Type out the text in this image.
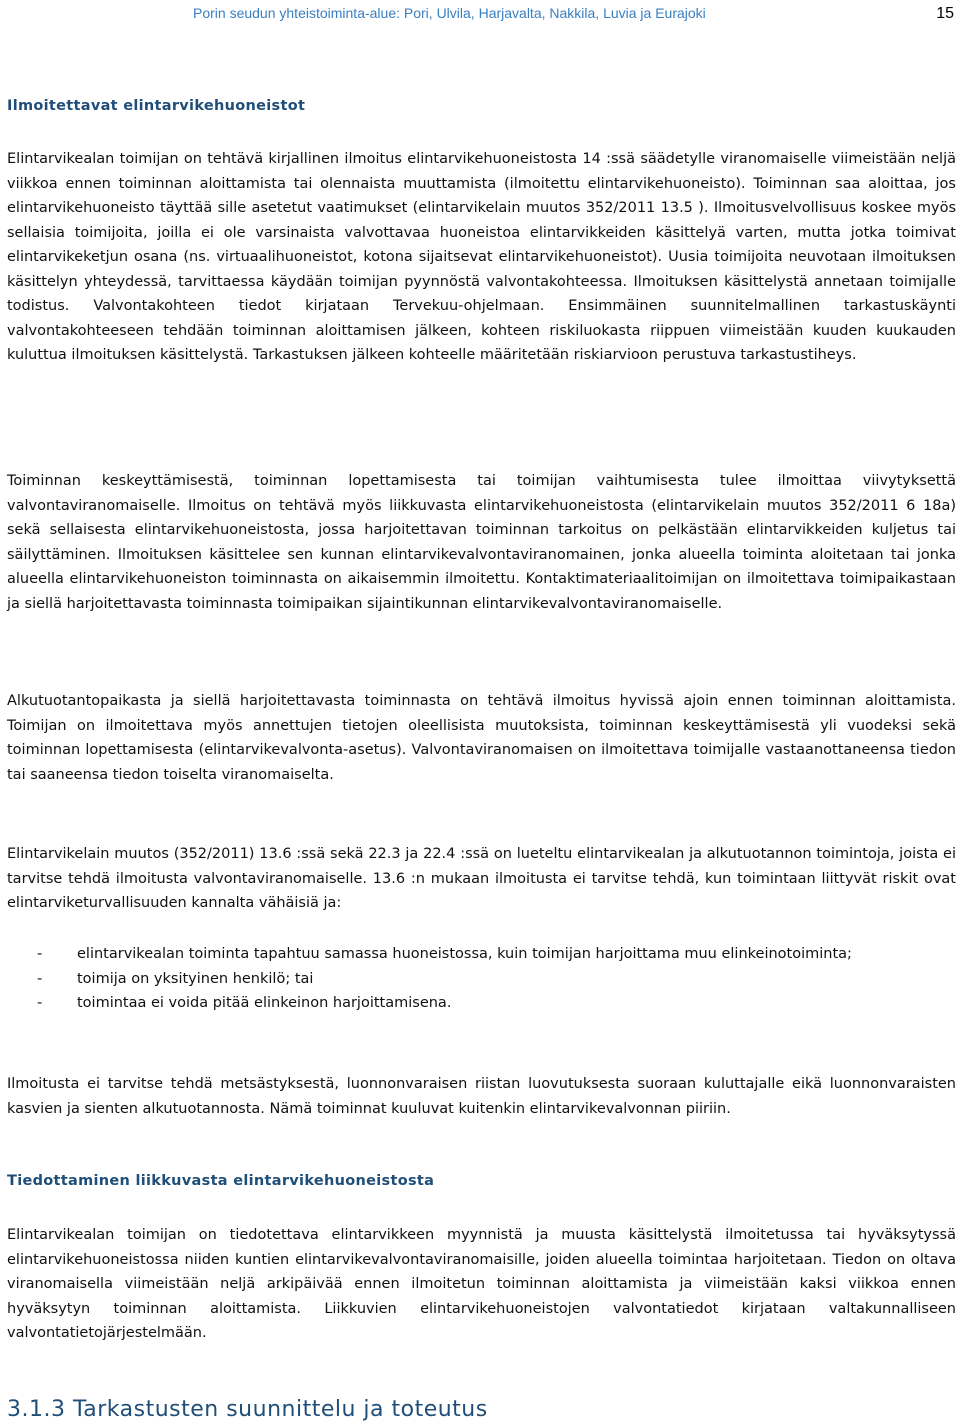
Porin seudun yhteistoiminta-alue: Pori, Ulvila, Harjavalta, Nakkila, Luvia ja Eurajoki	15
Ilmoitettavat elintarvikehuoneistot

Elintarvikealan toimijan on tehtävä kirjallinen ilmoitus elintarvikehuoneistosta 14 :ssä säädetylle viranomaiselle viimeistään neljä viikkoa ennen toiminnan aloittamista tai olennaista muuttamista (ilmoitettu elintarvikehuoneisto). Toiminnan saa aloittaa, jos elintarvikehuoneisto täyttää sille asetetut vaatimukset (elintarvikelain muutos 352/2011 13.5 ). Ilmoitusvelvollisuus koskee myös sellaisia toimijoita, joilla ei ole varsinaista valvottavaa huoneistoa elintarvikkeiden käsittelyä varten, mutta jotka toimivat elintarvikeketjun osana (ns. virtuaalihuoneistot, kotona sijaitsevat elintarvikehuoneistot). Uusia toimijoita neuvotaan ilmoituksen käsittelyn yhteydessä, tarvittaessa käydään toimijan pyynnöstä valvontakohteessa. Ilmoituksen käsittelystä annetaan toimijalle todistus. Valvontakohteen tiedot kirjataan Tervekuu-ohjelmaan. Ensimmäinen suunnitelmallinen tarkastuskäynti valvontakohteeseen tehdään toiminnan aloittamisen jälkeen, kohteen riskiluokasta riippuen viimeistään kuuden kuukauden kuluttua ilmoituksen käsittelystä. Tarkastuksen jälkeen kohteelle määritetään riskiarvioon perustuva tarkastustiheys.

Toiminnan keskeyttämisestä, toiminnan lopettamisesta tai toimijan vaihtumisesta tulee ilmoittaa viivytyksettä valvontaviranomaiselle. Ilmoitus on tehtävä myös liikkuvasta elintarvikehuoneistosta (elintarvikelain muutos 352/2011 6 18a) sekä sellaisesta elintarvikehuoneistosta, jossa harjoitettavan toiminnan tarkoitus on pelkästään elintarvikkeiden kuljetus tai säilyttäminen. Ilmoituksen käsittelee sen kunnan elintarvikevalvontaviranomainen, jonka alueella toiminta aloitetaan tai jonka alueella elintarvikehuoneiston toiminnasta on aikaisemmin ilmoitettu. Kontaktimateriaalitoimijan on ilmoitettava toimipaikastaan ja siellä harjoitettavasta toiminnasta toimipaikan sijaintikunnan elintarvikevalvontaviranomaiselle.

Alkutuotantopaikasta ja siellä harjoitettavasta toiminnasta on tehtävä ilmoitus hyvissä ajoin ennen toiminnan aloittamista. Toimijan on ilmoitettava myös annettujen tietojen oleellisista muutoksista, toiminnan keskeyttämisestä yli vuodeksi sekä toiminnan lopettamisesta (elintarvikevalvonta-asetus). Valvontaviranomaisen on ilmoitettava toimijalle vastaanottaneensa tiedon tai saaneensa tiedon toiselta viranomaiselta.

Elintarvikelain muutos (352/2011) 13.6 :ssä sekä 22.3 ja 22.4 :ssä on lueteltu elintarvikealan ja alkutuotannon toimintoja, joista ei tarvitse tehdä ilmoitusta valvontaviranomaiselle. 13.6 :n mukaan ilmoitusta ei tarvitse tehdä, kun toimintaan liittyvät riskit ovat elintarviketurvallisuuden kannalta vähäisiä ja:

- elintarvikealan toiminta tapahtuu samassa huoneistossa, kuin toimijan harjoittama muu elinkeinotoiminta;
- toimija on yksityinen henkilö; tai
- toimintaa ei voida pitää elinkeinon harjoittamisena.

Ilmoitusta ei tarvitse tehdä metsästyksestä, luonnonvaraisen riistan luovutuksesta suoraan kuluttajalle eikä luonnonvaraisten kasvien ja sienten alkutuotannosta. Nämä toiminnat kuuluvat kuitenkin elintarvikevalvonnan piiriin.

Tiedottaminen liikkuvasta elintarvikehuoneistosta

Elintarvikealan toimijan on tiedotettava elintarvikkeen myynnistä ja muusta käsittelystä ilmoitetussa tai hyväksytyssä elintarvikehuoneistossa niiden kuntien elintarvikevalvontaviranomaisille, joiden alueella toimintaa harjoitetaan. Tiedon on oltava viranomaisella viimeistään neljä arkipäivää ennen ilmoitetun toiminnan aloittamista ja viimeistään kaksi viikkoa ennen hyväksytyn toiminnan aloittamista. Liikkuvien elintarvikehuoneistojen valvontatiedot kirjataan valtakunnalliseen valvontatietojärjestelmään.

3.1.3 Tarkastusten suunnittelu ja toteutus
